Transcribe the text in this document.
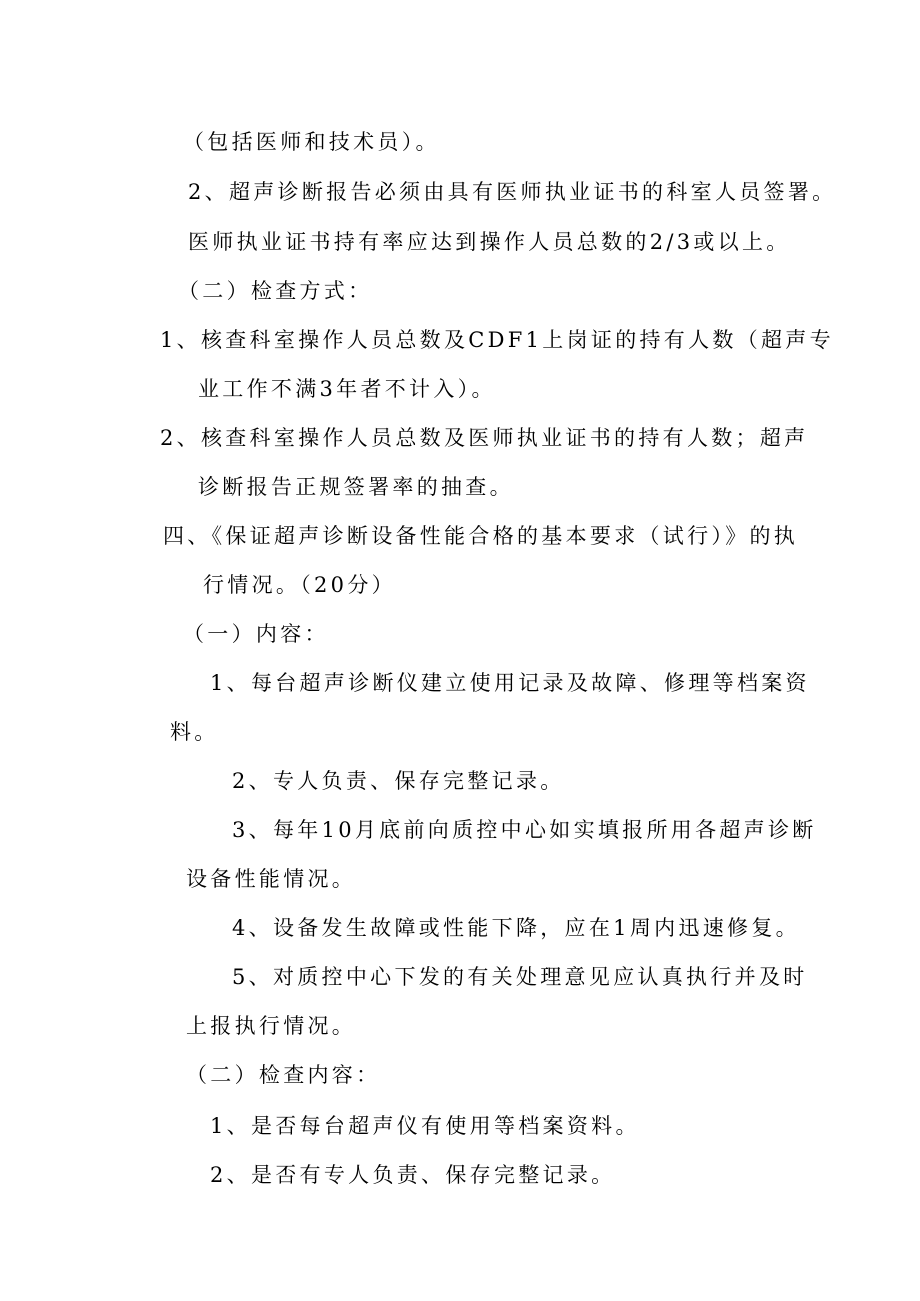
（包括医师和技术员）。
2、超声诊断报告必须由具有医师执业证书的科室人员签署。
医师执业证书持有率应达到操作人员总数的2/3或以上。
（二）检查方式：
1、核查科室操作人员总数及CDF1上岗证的持有人数（超声专
业工作不满3年者不计入）。
2、核查科室操作人员总数及医师执业证书的持有人数；超声
诊断报告正规签署率的抽查。
四、《保证超声诊断设备性能合格的基本要求（试行）》的执
行情况。（20分）
（一）内容：
1、每台超声诊断仪建立使用记录及故障、修理等档案资
料。
2、专人负责、保存完整记录。
3、每年10月底前向质控中心如实填报所用各超声诊断
设备性能情况。
4、设备发生故障或性能下降，应在1周内迅速修复。
5、对质控中心下发的有关处理意见应认真执行并及时
上报执行情况。
（二）检查内容：
1、是否每台超声仪有使用等档案资料。
2、是否有专人负责、保存完整记录。
